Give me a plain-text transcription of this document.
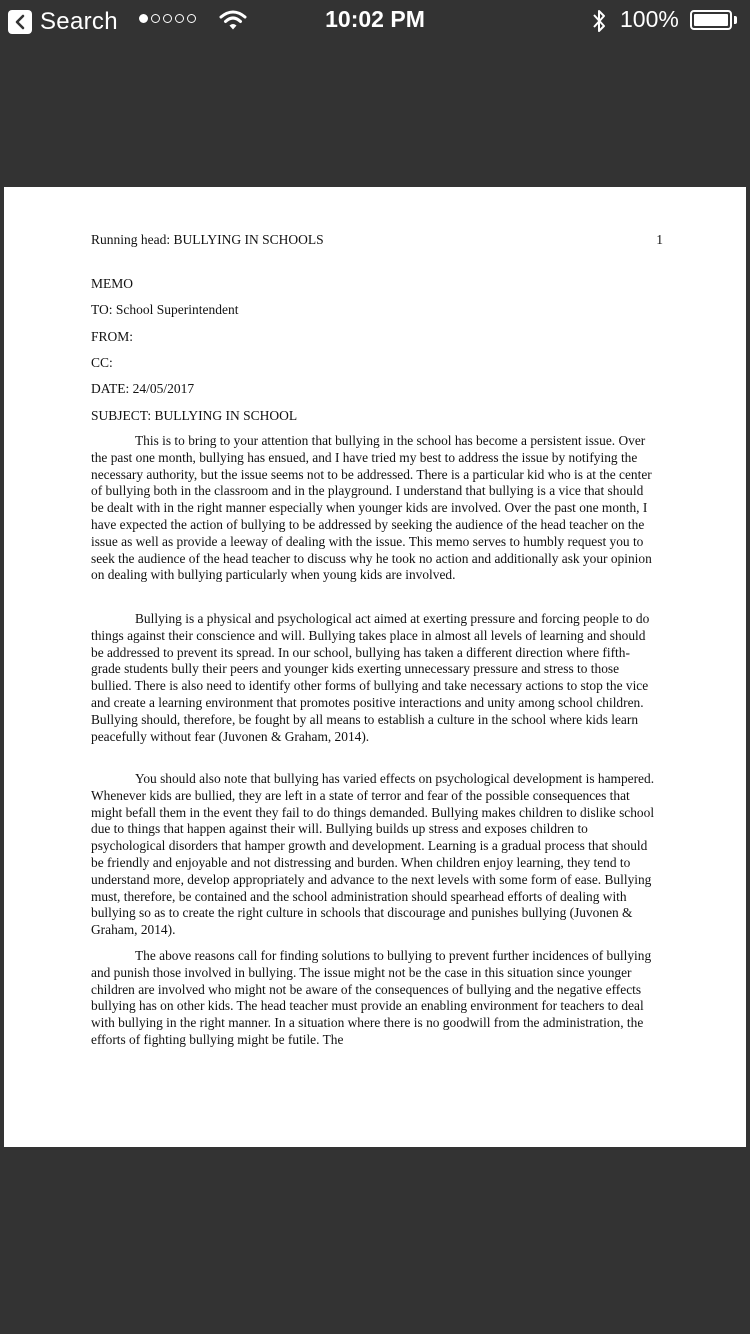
Search	10:02 PM	100%
Running head: BULLYING IN SCHOOLS	1
MEMO
TO: School Superintendent
FROM:
CC:
DATE: 24/05/2017
SUBJECT: BULLYING IN SCHOOL

This is to bring to your attention that bullying in the school has become a persistent issue. Over the past one month, bullying has ensued, and I have tried my best to address the issue by notifying the necessary authority, but the issue seems not to be addressed. There is a particular kid who is at the center of bullying both in the classroom and in the playground. I understand that bullying is a vice that should be dealt with in the right manner especially when younger kids are involved. Over the past one month, I have expected the action of bullying to be addressed by seeking the audience of the head teacher on the issue as well as provide a leeway of dealing with the issue. This memo serves to humbly request you to seek the audience of the head teacher to discuss why he took no action and additionally ask your opinion on dealing with bullying particularly when young kids are involved.

Bullying is a physical and psychological act aimed at exerting pressure and forcing people to do things against their conscience and will. Bullying takes place in almost all levels of learning and should be addressed to prevent its spread. In our school, bullying has taken a different direction where fifth-grade students bully their peers and younger kids exerting unnecessary pressure and stress to those bullied. There is also need to identify other forms of bullying and take necessary actions to stop the vice and create a learning environment that promotes positive interactions and unity among school children. Bullying should, therefore, be fought by all means to establish a culture in the school where kids learn peacefully without fear (Juvonen & Graham, 2014).

You should also note that bullying has varied effects on psychological development is hampered. Whenever kids are bullied, they are left in a state of terror and fear of the possible consequences that might befall them in the event they fail to do things demanded. Bullying makes children to dislike school due to things that happen against their will. Bullying builds up stress and exposes children to psychological disorders that hamper growth and development. Learning is a gradual process that should be friendly and enjoyable and not distressing and burden. When children enjoy learning, they tend to understand more, develop appropriately and advance to the next levels with some form of ease. Bullying must, therefore, be contained and the school administration should spearhead efforts of dealing with bullying so as to create the right culture in schools that discourage and punishes bullying (Juvonen & Graham, 2014).

The above reasons call for finding solutions to bullying to prevent further incidences of bullying and punish those involved in bullying. The issue might not be the case in this situation since younger children are involved who might not be aware of the consequences of bullying and the negative effects bullying has on other kids. The head teacher must provide an enabling environment for teachers to deal with bullying in the right manner. In a situation where there is no goodwill from the administration, the efforts of fighting bullying might be futile. The
